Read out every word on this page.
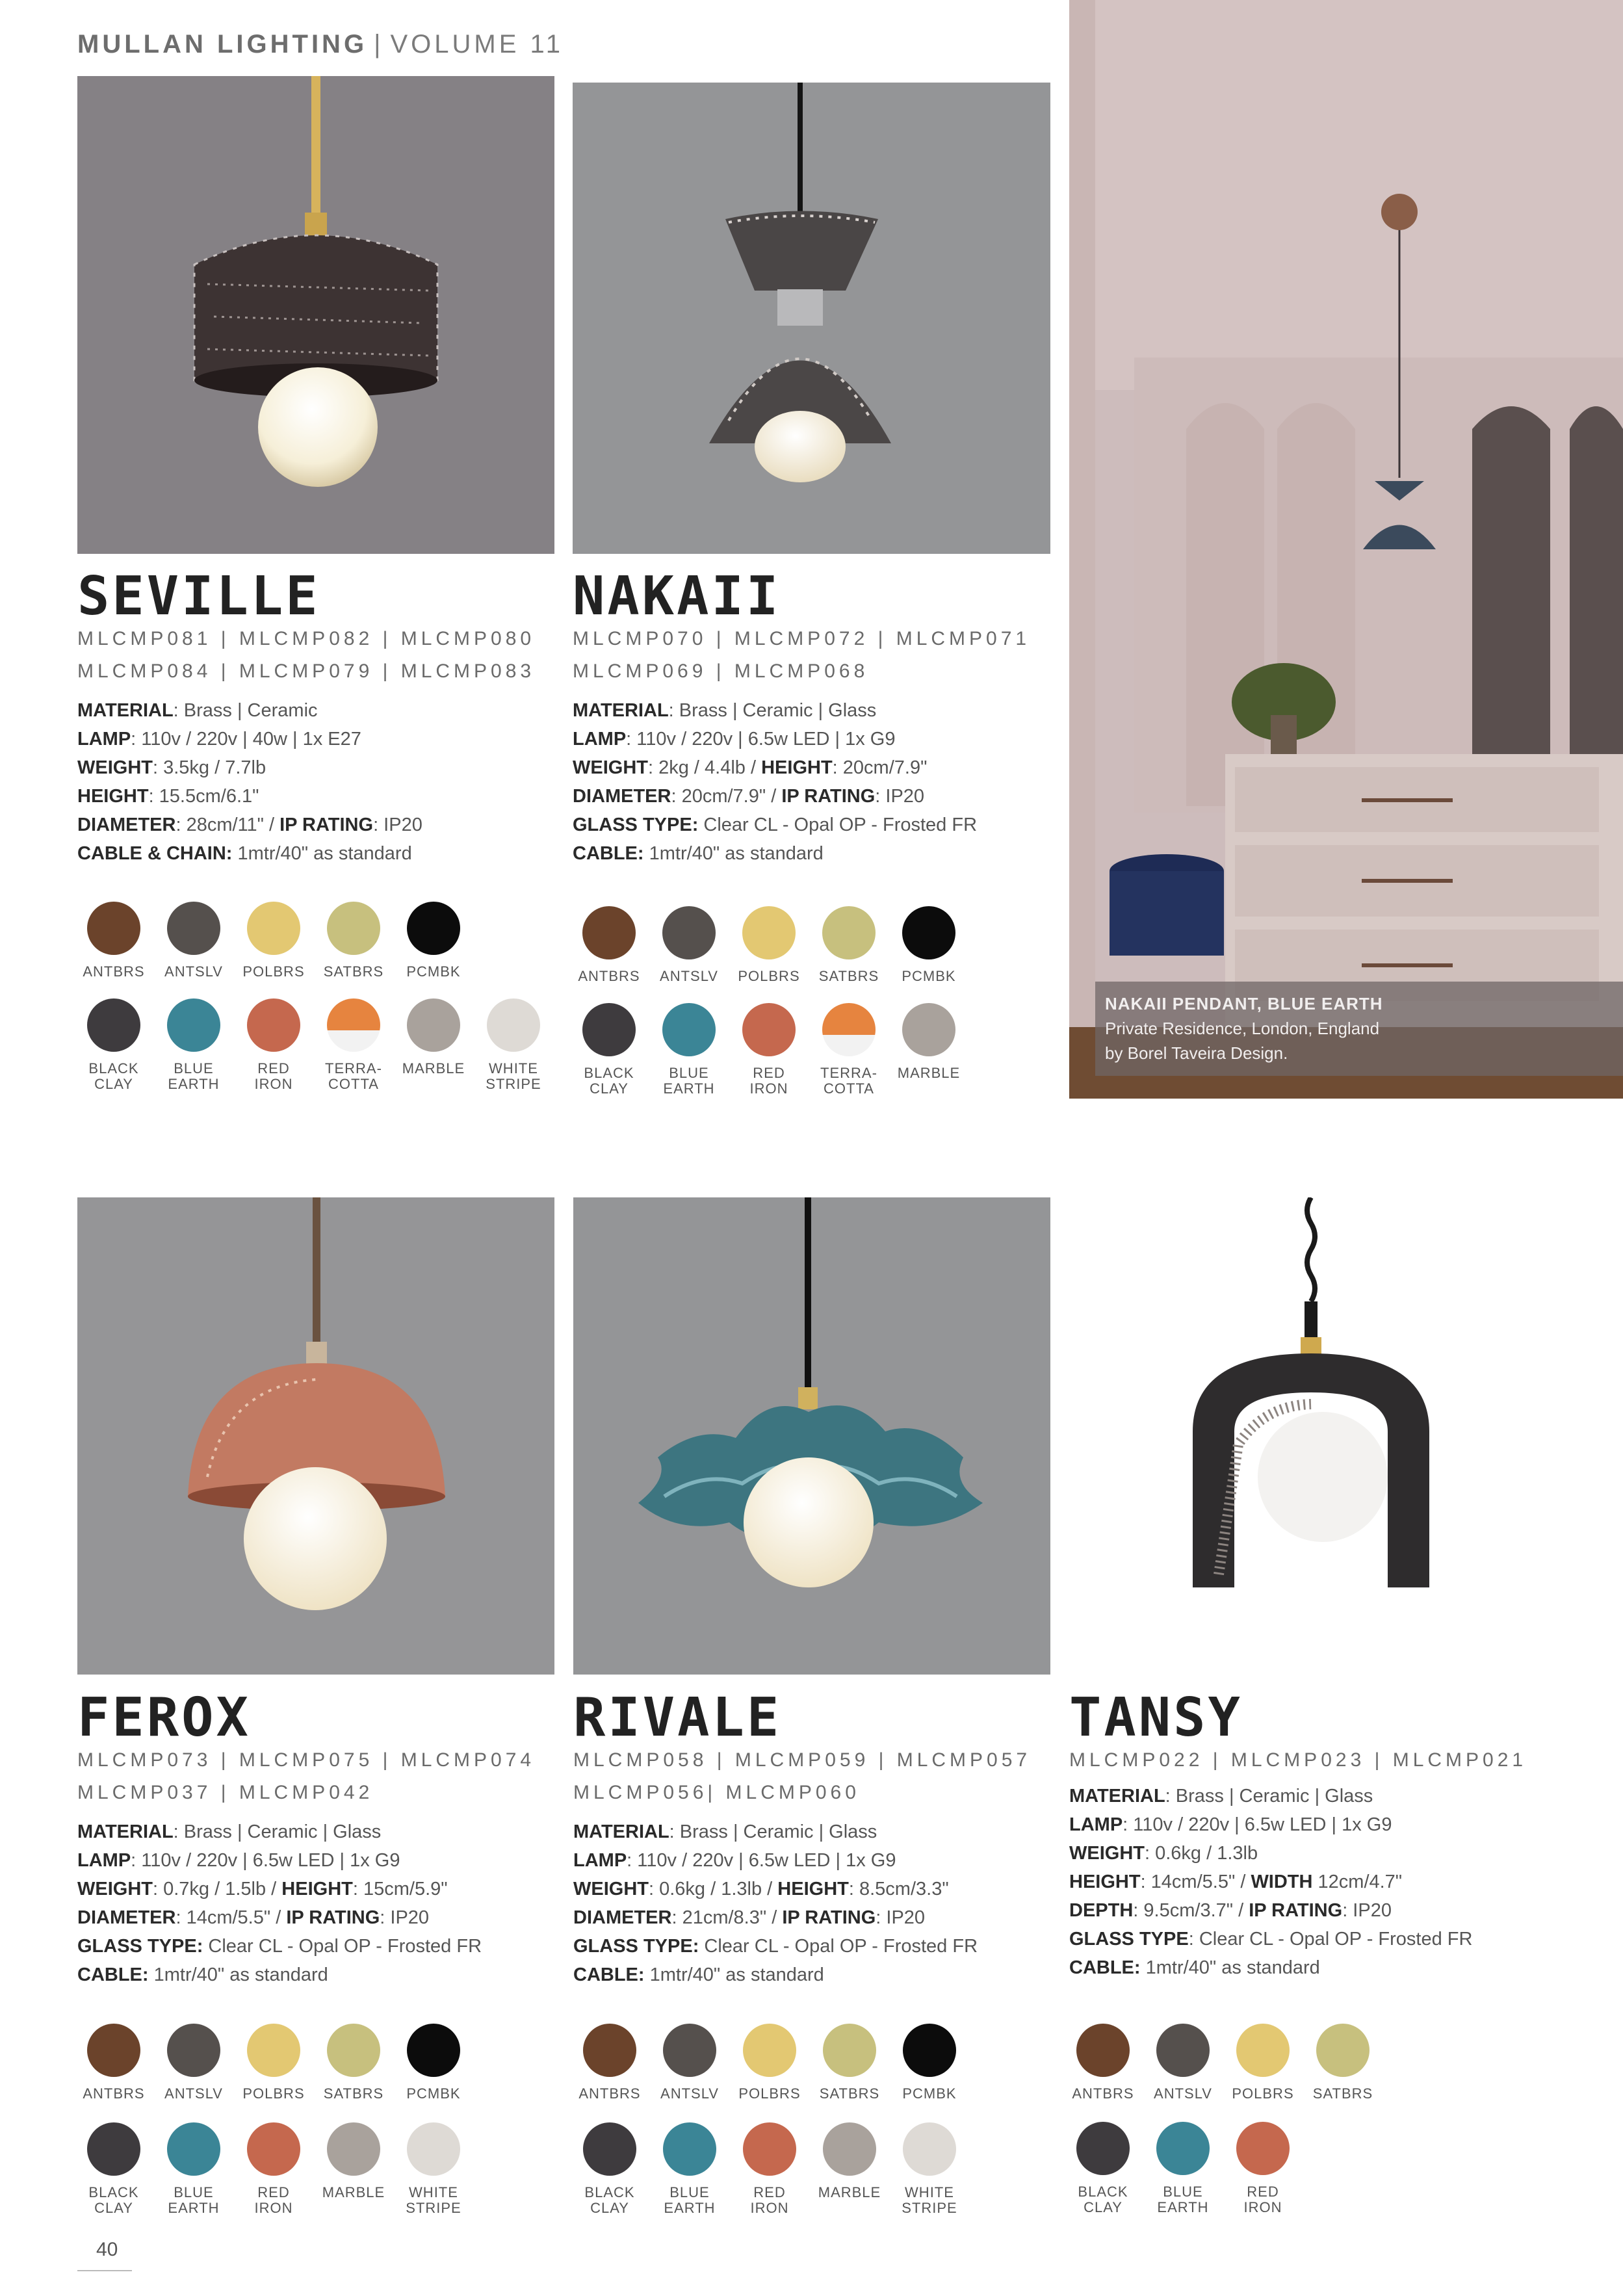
MULLAN LIGHTING | VOLUME 11
NAKAII PENDANT, BLUE EARTH
Private Residence, London, England
by Borel Taveira Design.
SEVILLE
MLCMP081 | MLCMP082 | MLCMP080
MLCMP084 | MLCMP079 | MLCMP083
MATERIAL: Brass | Ceramic
LAMP: 110v / 220v | 40w | 1x E27
WEIGHT: 3.5kg / 7.7lb
HEIGHT: 15.5cm/6.1"
DIAMETER: 28cm/11" / IP RATING: IP20
CABLE & CHAIN: 1mtr/40" as standard
NAKAII
MLCMP070 | MLCMP072 | MLCMP071
MLCMP069 | MLCMP068
MATERIAL: Brass | Ceramic | Glass
LAMP: 110v / 220v | 6.5w LED | 1x G9
WEIGHT: 2kg / 4.4lb / HEIGHT: 20cm/7.9"
DIAMETER: 20cm/7.9" / IP RATING: IP20
GLASS TYPE: Clear CL - Opal OP - Frosted FR
CABLE: 1mtr/40" as standard
FEROX
MLCMP073 | MLCMP075 | MLCMP074
MLCMP037 | MLCMP042
MATERIAL: Brass | Ceramic | Glass
LAMP: 110v / 220v | 6.5w LED | 1x G9
WEIGHT: 0.7kg / 1.5lb / HEIGHT: 15cm/5.9"
DIAMETER: 14cm/5.5" / IP RATING: IP20
GLASS TYPE: Clear CL - Opal OP - Frosted FR
CABLE: 1mtr/40" as standard
RIVALE
MLCMP058 | MLCMP059 | MLCMP057
MLCMP056| MLCMP060
MATERIAL: Brass | Ceramic | Glass
LAMP: 110v / 220v | 6.5w LED | 1x G9
WEIGHT: 0.6kg / 1.3lb / HEIGHT: 8.5cm/3.3"
DIAMETER: 21cm/8.3" / IP RATING: IP20
GLASS TYPE: Clear CL - Opal OP - Frosted FR
CABLE: 1mtr/40" as standard
TANSY
MLCMP022 | MLCMP023 | MLCMP021
MATERIAL: Brass | Ceramic | Glass
LAMP: 110v / 220v | 6.5w LED | 1x G9
WEIGHT: 0.6kg / 1.3lb
HEIGHT: 14cm/5.5" / WIDTH 12cm/4.7"
DEPTH: 9.5cm/3.7" / IP RATING: IP20
GLASS TYPE: Clear CL - Opal OP - Frosted FR
CABLE: 1mtr/40" as standard
ANTBRS	ANTSLV	POLBRS	SATBRS	PCMBK
BLACK
CLAY
BLUE
EARTH
RED
IRON
TERRA-
COTTA
MARBLE	WHITE
STRIPE
ANTBRS	ANTSLV	POLBRS	SATBRS	PCMBK
BLACK
CLAY
BLUE
EARTH
RED
IRON
TERRA-
COTTA
MARBLE
ANTBRS	ANTSLV	POLBRS	SATBRS	PCMBK
BLACK
CLAY
BLUE
EARTH
RED
IRON
MARBLE	WHITE
STRIPE
ANTBRS	ANTSLV	POLBRS	SATBRS	PCMBK
BLACK
CLAY
BLUE
EARTH
RED
IRON
MARBLE	WHITE
STRIPE
ANTBRS	ANTSLV	POLBRS	SATBRS
BLACK
CLAY
BLUE
EARTH
RED
IRON
40
